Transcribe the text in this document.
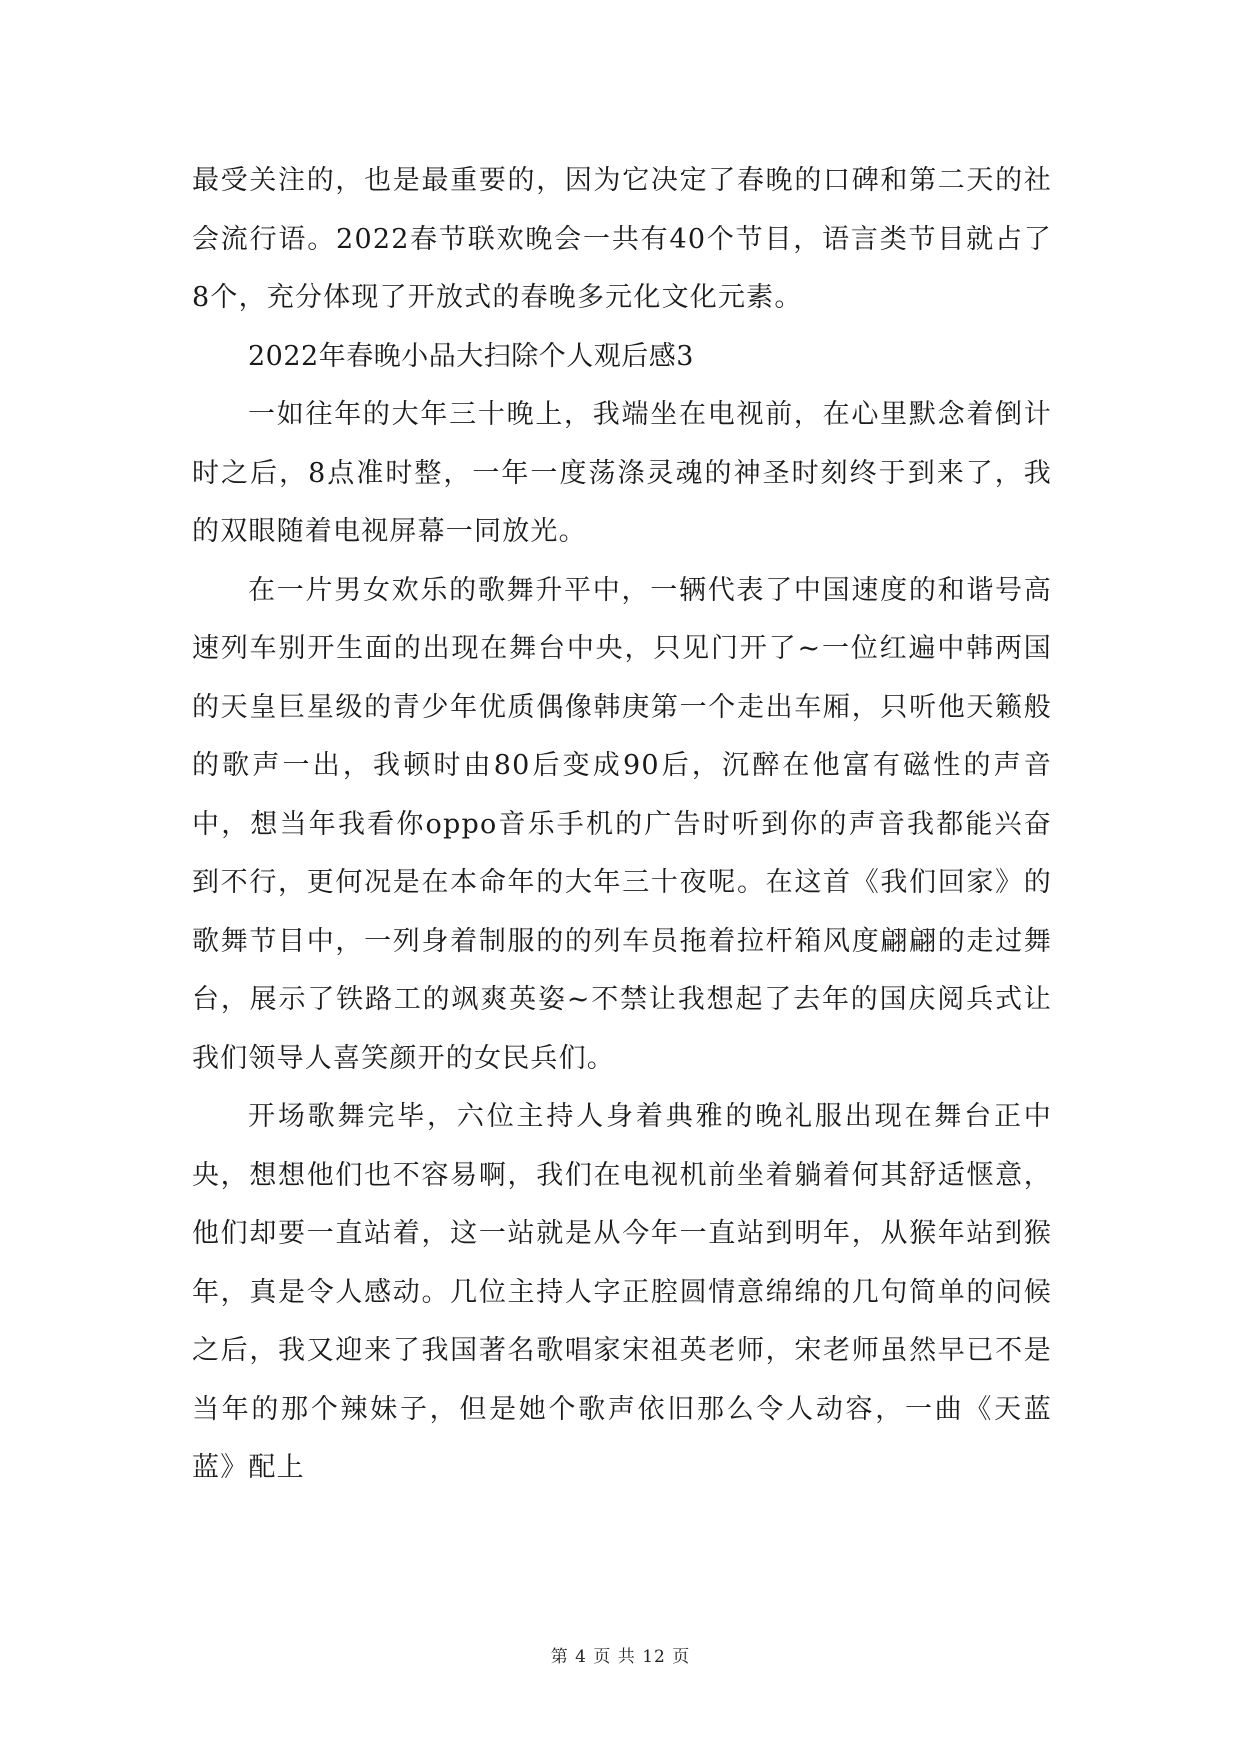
最受关注的，也是最重要的，因为它决定了春晚的口碑和第二天的社会流行语。2022春节联欢晚会一共有40个节目，语言类节目就占了8个，充分体现了开放式的春晚多元化文化元素。

2022年春晚小品大扫除个人观后感3

一如往年的大年三十晚上，我端坐在电视前，在心里默念着倒计时之后，8点准时整，一年一度荡涤灵魂的神圣时刻终于到来了，我的双眼随着电视屏幕一同放光。

在一片男女欢乐的歌舞升平中，一辆代表了中国速度的和谐号高速列车别开生面的出现在舞台中央，只见门开了~一位红遍中韩两国的天皇巨星级的青少年优质偶像韩庚第一个走出车厢，只听他天籁般的歌声一出，我顿时由80后变成90后，沉醉在他富有磁性的声音中，想当年我看你oppo音乐手机的广告时听到你的声音我都能兴奋到不行，更何况是在本命年的大年三十夜呢。在这首《我们回家》的歌舞节目中，一列身着制服的的列车员拖着拉杆箱风度翩翩的走过舞台，展示了铁路工的飒爽英姿~不禁让我想起了去年的国庆阅兵式让我们领导人喜笑颜开的女民兵们。

开场歌舞完毕，六位主持人身着典雅的晚礼服出现在舞台正中央，想想他们也不容易啊，我们在电视机前坐着躺着何其舒适惬意，他们却要一直站着，这一站就是从今年一直站到明年，从猴年站到猴年，真是令人感动。几位主持人字正腔圆情意绵绵的几句简单的问候之后，我又迎来了我国著名歌唱家宋祖英老师，宋老师虽然早已不是当年的那个辣妹子，但是她个歌声依旧那么令人动容，一曲《天蓝蓝》配上

第 4 页 共 12 页
